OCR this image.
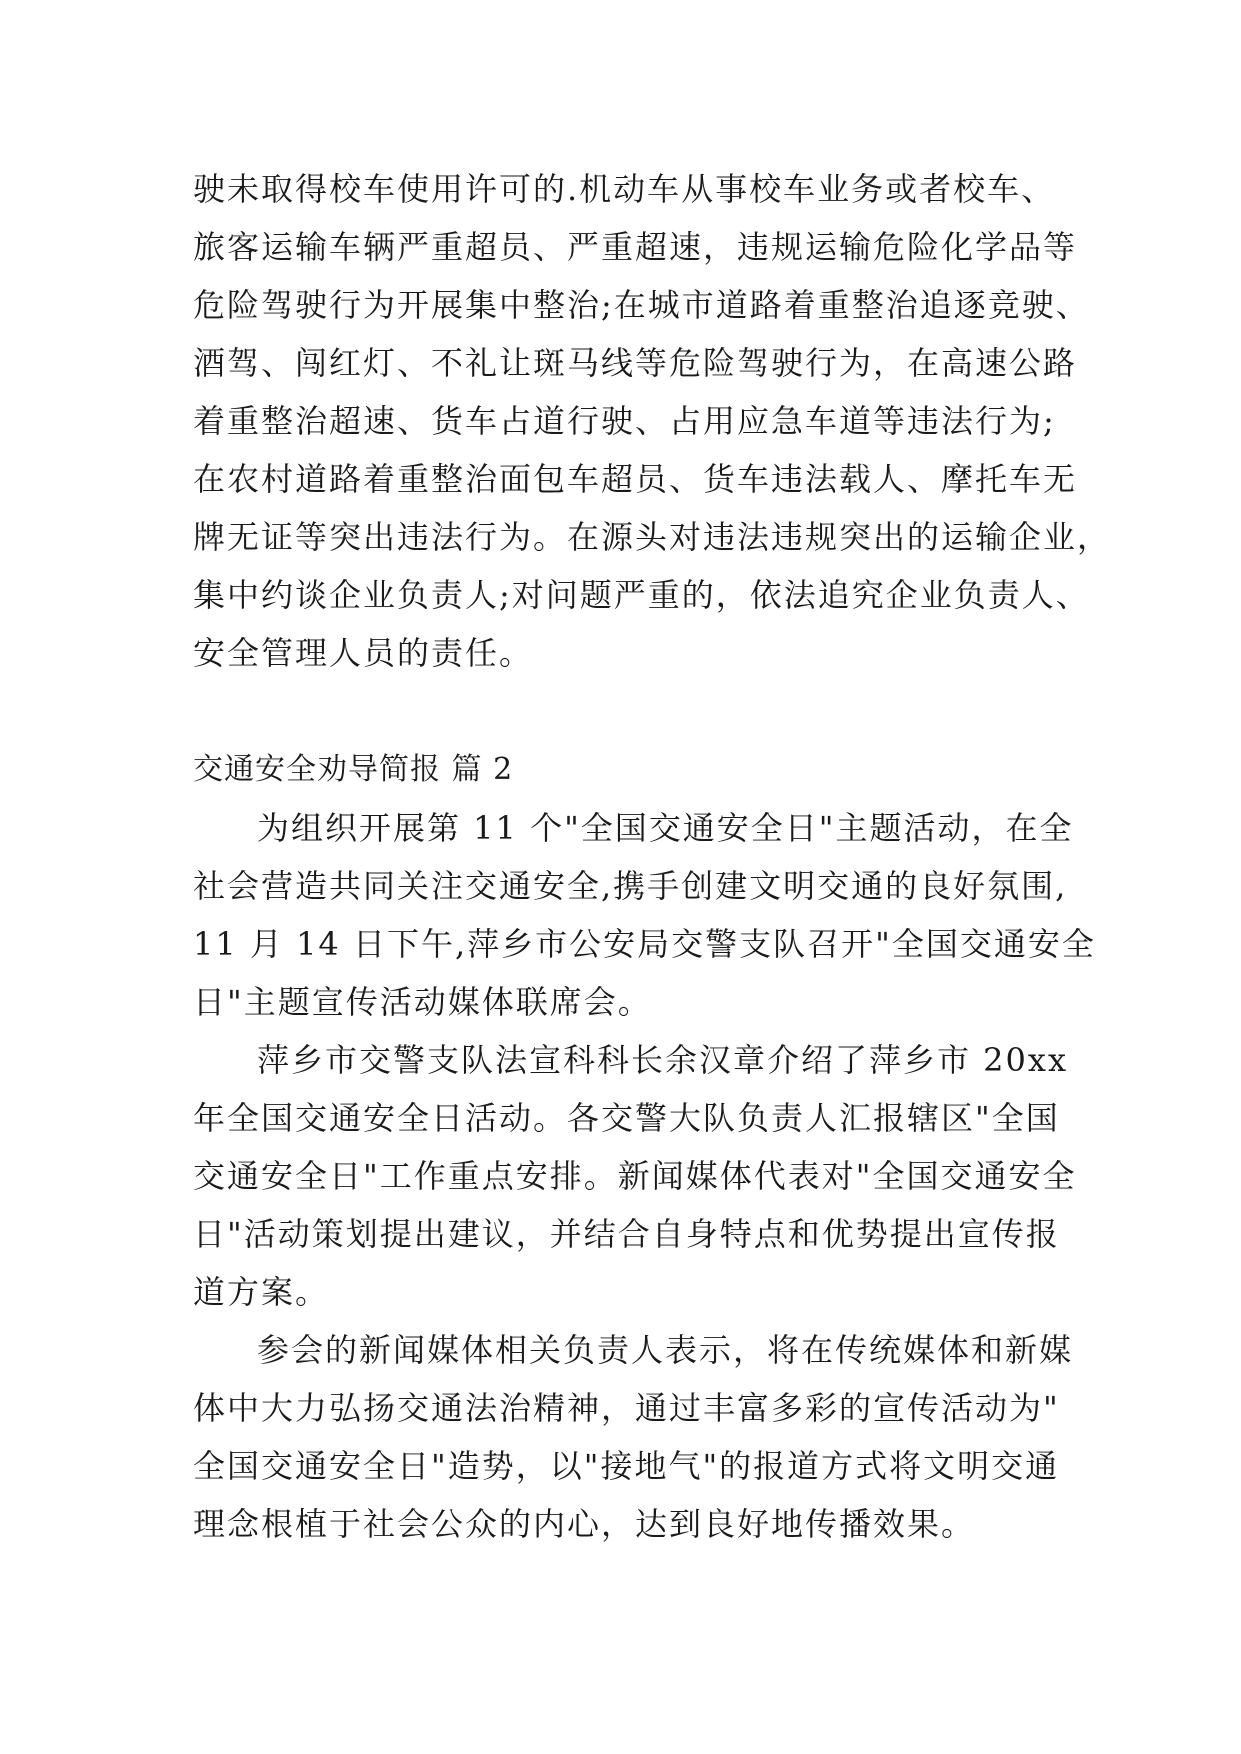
驶未取得校车使用许可的.机动车从事校车业务或者校车、
旅客运输车辆严重超员、严重超速，违规运输危险化学品等
危险驾驶行为开展集中整治;在城市道路着重整治追逐竞驶、
酒驾、闯红灯、不礼让斑马线等危险驾驶行为，在高速公路
着重整治超速、货车占道行驶、占用应急车道等违法行为;
在农村道路着重整治面包车超员、货车违法载人、摩托车无
牌无证等突出违法行为。在源头对违法违规突出的运输企业，
集中约谈企业负责人;对问题严重的，依法追究企业负责人、
安全管理人员的责任。
交通安全劝导简报 篇 2
为组织开展第 11 个"全国交通安全日"主题活动，在全
社会营造共同关注交通安全,携手创建文明交通的良好氛围,
11 月 14 日下午,萍乡市公安局交警支队召开"全国交通安全
日"主题宣传活动媒体联席会。
萍乡市交警支队法宣科科长余汉章介绍了萍乡市 20xx
年全国交通安全日活动。各交警大队负责人汇报辖区"全国
交通安全日"工作重点安排。新闻媒体代表对"全国交通安全
日"活动策划提出建议，并结合自身特点和优势提出宣传报
道方案。
参会的新闻媒体相关负责人表示，将在传统媒体和新媒
体中大力弘扬交通法治精神，通过丰富多彩的宣传活动为"
全国交通安全日"造势，以"接地气"的报道方式将文明交通
理念根植于社会公众的内心，达到良好地传播效果。
